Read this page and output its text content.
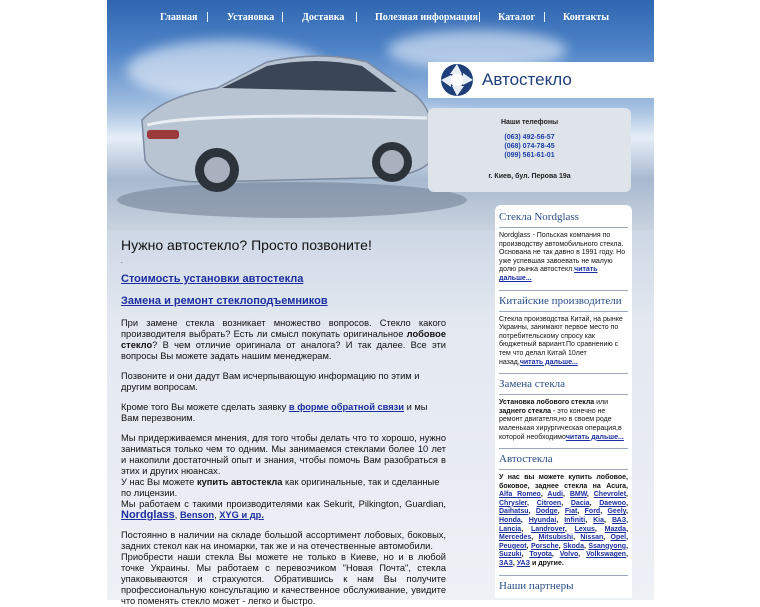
Главная	Установка	Доставка	Полезная информация	Каталог	Контакты
Автостекло
Наши телефоны
(063) 492-56-57
(068) 074-78-45
(099) 561-61-01
г. Киев, бул. Перова 19а
Нужно автостекло? Просто позвоните!
.
Стоимость установки автостекла
Замена и ремонт стеклоподъемников

При замене стекла возникает множество вопросов. Стекло какого производителя выбрать? Есть ли смысл покупать оригинальное лобовое стекло? В чем отличие оригинала от аналога? И так далее. Все эти вопросы Вы можете задать нашим менеджерам.

Позвоните и они дадут Вам исчерпывающую информацию по этим и другим вопросам.

Кроме того Вы можете сделать заявку в форме обратной связи и мы Вам перезвоним.

Мы придерживаемся мнения, для того чтобы делать что то хорошо, нужно заниматься только чем то одним. Мы занимаемся стеклами более 10 лет и накопили достаточный опыт и знания, чтобы помочь Вам разобраться в этих и других нюансах.

У нас Вы можете купить автостекла как оригинальные, так и сделанные по лицензии.

Мы работаем с такими производителями как Sekurit, Pilkington, Guardian, Nordglass, Benson, XYG и др.

Постоянно в наличии на складе большой ассортимент лобовых, боковых, задних стекол как на иномарки, так же и на отечественные автомобили.

Приобрести наши стекла Вы можете не только в Киеве, но и в любой точке Украины. Мы работаем с перевозчиком "Новая Почта", стекла упаковываются и страхуются. Обратившись к нам Вы получите профессиональную консультацию и качественное обслуживание, увидите что поменять стекло может - легко и быстро.

Стекла Nordglass
Nordglass - Польская компания по производству автомобильного стекла. Основана не так давно в 1991 году. Но уже успевшая завоевать не малую долю рынка автостекл.читать дальше...
Китайские производители
Стекла производства Китай, на рынке Украины, занимают первое место по потребительскому спросу как бюджетный вариант.По сравнению с тем что делал Китай 10лет назад,читать дальше...
Замена стекла
Установка лобового стекла или заднего стекла - это конечно не ремонт двигателя,но в своем роде маленькая хирургическая операция,в которой необходимочитать дальше...
Автостекла
У нас вы можете купить лобовое, боковое, заднее стекла на Acura, Alfa Romeo, Audi, BMW, Chevrolet, Chrysler, Citroen, Dacia, Daewoo, Daihatsu, Dodge, Fiat, Ford, Geely, Honda, Hyundai, Infiniti, Kia, ВАЗ, Lancia, Landrover, Lexus, Mazda, Mercedes, Mitsubishi, Nissan, Opel, Peugeot, Porsche, Skoda, Ssangyong, Suzuki, Toyota, Volvo, Volkswagen, ЗАЗ, УАЗ и другие.
Наши партнеры
